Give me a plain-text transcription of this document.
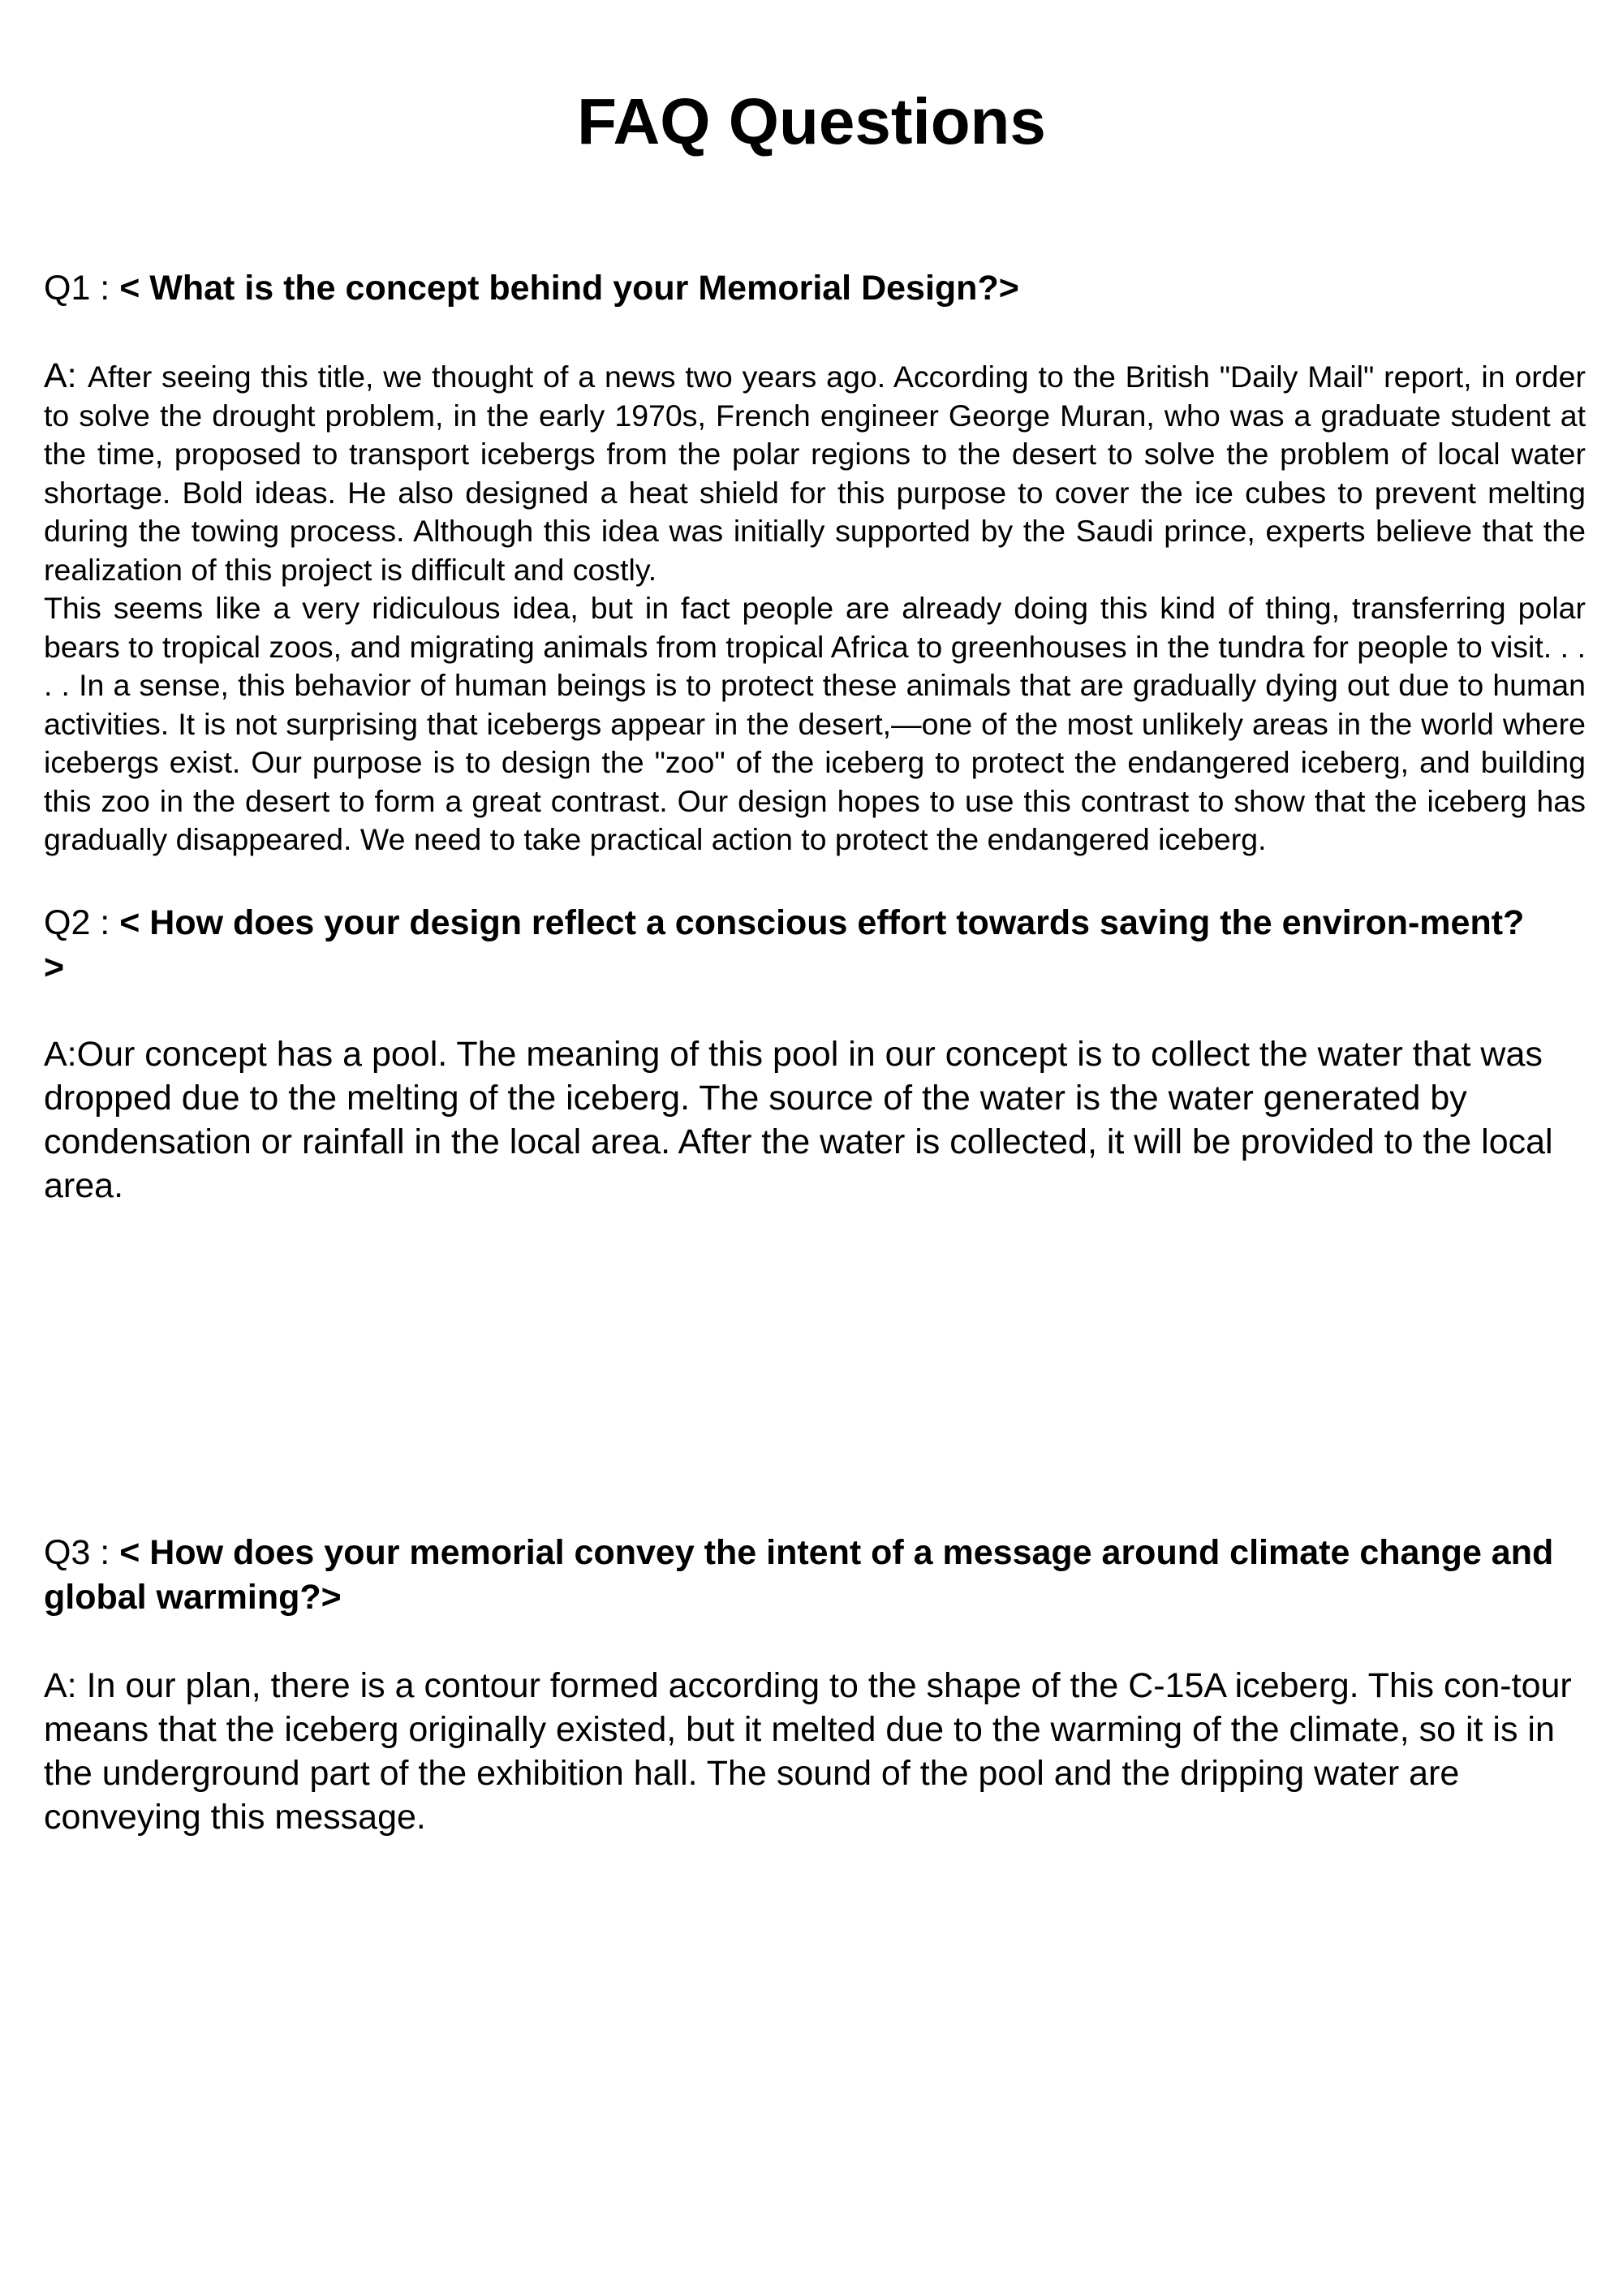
FAQ Questions

Q1 : < What is the concept behind your Memorial Design?>

A: After seeing this title, we thought of a news two years ago. According to the British "Daily Mail" report, in order to solve the drought problem, in the early 1970s, French engineer George Muran, who was a graduate student at the time, proposed to transport icebergs from the polar regions to the desert to solve the problem of local water shortage. Bold ideas. He also designed a heat shield for this purpose to cover the ice cubes to prevent melting during the towing process. Although this idea was initially supported by the Saudi prince, experts believe that the realization of this project is difficult and costly.

This seems like a very ridiculous idea, but in fact people are already doing this kind of thing, transferring polar bears to tropical zoos, and migrating animals from tropical Africa to greenhouses in the tundra for people to visit. . . . . In a sense, this behavior of human beings is to protect these animals that are gradually dying out due to human activities. It is not surprising that icebergs appear in the desert,—one of the most unlikely areas in the world where icebergs exist. Our purpose is to design the "zoo" of the iceberg to protect the endangered iceberg, and building this zoo in the desert to form a great contrast. Our design hopes to use this contrast to show that the iceberg has gradually disappeared. We need to take practical action to protect the endangered iceberg.

Q2 : < How does your design reflect a conscious effort towards saving the environ-ment?>

A:Our concept has a pool. The meaning of this pool in our concept is to collect the water that was dropped due to the melting of the iceberg. The source of the water is the water generated by condensation or rainfall in the local area. After the water is collected, it will be provided to the local area.

Q3 : < How does your memorial convey the intent of a message around climate change and global warming?>

A: In our plan, there is a contour formed according to the shape of the C-15A iceberg. This con-tour means that the iceberg originally existed, but it melted due to the warming of the climate, so it is in the underground part of the exhibition hall. The sound of the pool and the dripping water are conveying this message.
